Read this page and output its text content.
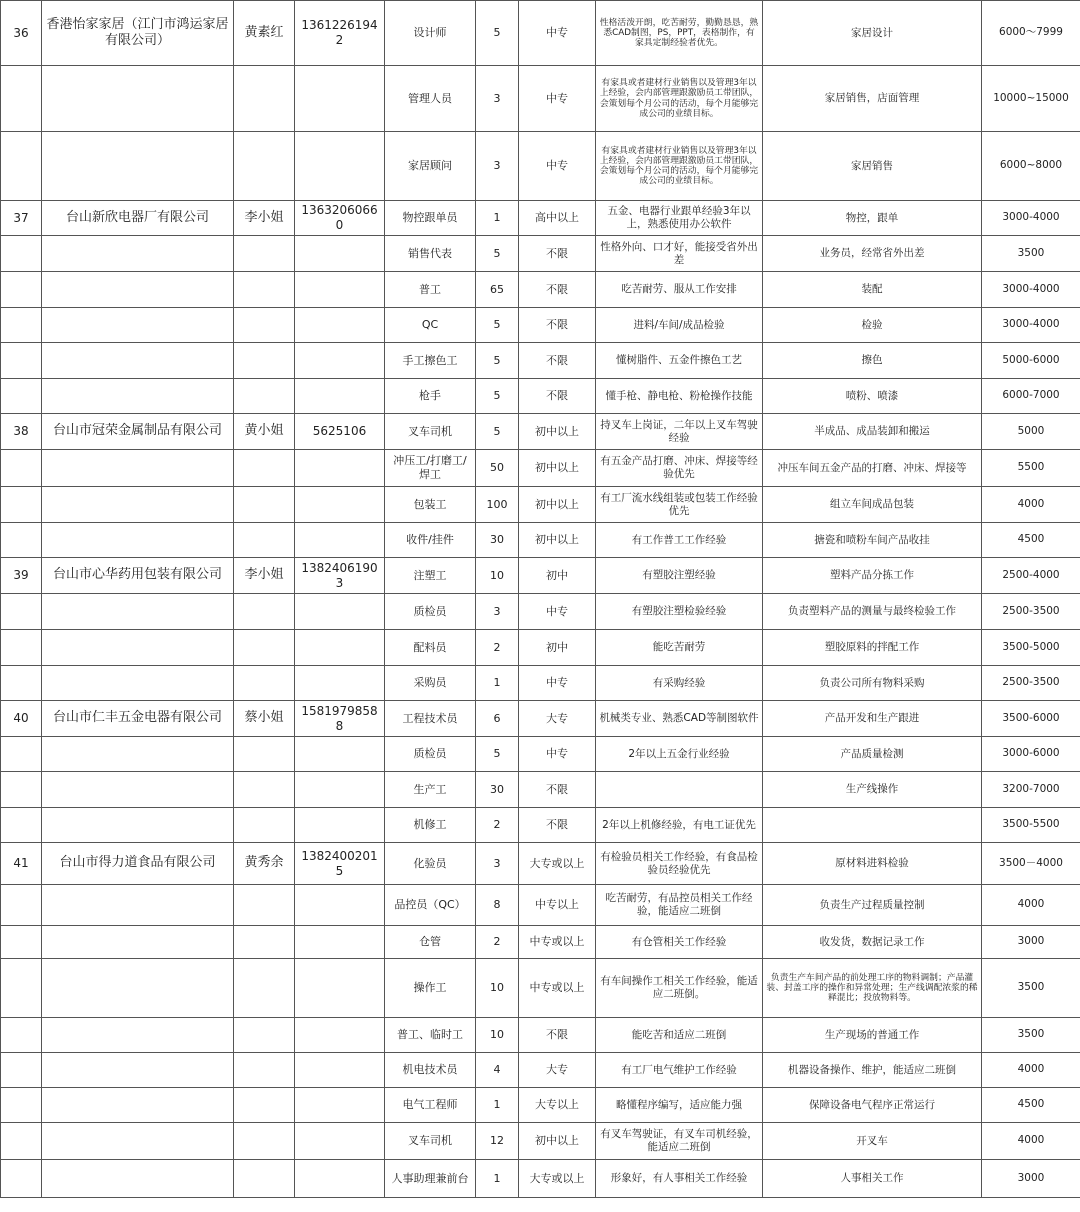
36	香港怡家家居（江门市鸿运家居有限公司）	黄素红	13612261942	设计师	5	中专	性格活泼开朗，吃苦耐劳，勤勤恳恳，熟悉CAD制图，PS，PPT，表格制作，有家具定制经验者优先。	家居设计	6000～7999
				管理人员	3	中专	有家具或者建材行业销售以及管理3年以上经验，会内部管理跟激励员工带团队，会策划每个月公司的活动，每个月能够完成公司的业绩目标。	家居销售，店面管理	10000~15000
				家居顾问	3	中专	有家具或者建材行业销售以及管理3年以上经验，会内部管理跟激励员工带团队，会策划每个月公司的活动，每个月能够完成公司的业绩目标。	家居销售	6000~8000
37	台山新欣电器厂有限公司	李小姐	13632060660	物控跟单员	1	高中以上	五金、电器行业跟单经验3年以上，熟悉使用办公软件	物控，跟单	3000-4000
				销售代表	5	不限	性格外向、口才好，能接受省外出差	业务员，经常省外出差	3500
				普工	65	不限	吃苦耐劳、服从工作安排	装配	3000-4000
				QC	5	不限	进料/车间/成品检验	检验	3000-4000
				手工擦色工	5	不限	懂树脂件、五金件擦色工艺	擦色	5000-6000
				枪手	5	不限	懂手枪、静电枪、粉枪操作技能	喷粉、喷漆	6000-7000
38	台山市冠荣金属制品有限公司	黄小姐	5625106	叉车司机	5	初中以上	持叉车上岗证，二年以上叉车驾驶经验	半成品、成品装卸和搬运	5000
				冲压工/打磨工/焊工	50	初中以上	有五金产品打磨、冲床、焊接等经验优先	冲压车间五金产品的打磨、冲床、焊接等	5500
				包装工	100	初中以上	有工厂流水线组装或包装工作经验优先	组立车间成品包装	4000
				收件/挂件	30	初中以上	有工作普工工作经验	搪瓷和喷粉车间产品收挂	4500
39	台山市心华药用包装有限公司	李小姐	13824061903	注塑工	10	初中	有塑胶注塑经验	塑料产品分拣工作	2500-4000
				质检员	3	中专	有塑胶注塑检验经验	负责塑料产品的测量与最终检验工作	2500-3500
				配料员	2	初中	能吃苦耐劳	塑胶原料的拌配工作	3500-5000
				采购员	1	中专	有采购经验	负责公司所有物料采购	2500-3500
40	台山市仁丰五金电器有限公司	蔡小姐	15819798588	工程技术员	6	大专	机械类专业、熟悉CAD等制图软件	产品开发和生产跟进	3500-6000
				质检员	5	中专	2年以上五金行业经验	产品质量检测	3000-6000
				生产工	30	不限		生产线操作	3200-7000
				机修工	2	不限	2年以上机修经验，有电工证优先		3500-5500
41	台山市得力道食品有限公司	黄秀余	13824002015	化验员	3	大专或以上	有检验员相关工作经验，有食品检验员经验优先	原材料进料检验	3500－4000
				品控员（QC）	8	中专以上	吃苦耐劳，有品控员相关工作经验，能适应二班倒	负责生产过程质量控制	4000
				仓管	2	中专或以上	有仓管相关工作经验	收发货，数据记录工作	3000
				操作工	10	中专或以上	有车间操作工相关工作经验，能适应二班倒。	负责生产车间产品的前处理工序的物料调制；产品灌装、封盖工序的操作和异常处理；生产线调配浓浆的稀释混比；投放物料等。	3500
				普工、临时工	10	不限	能吃苦和适应二班倒	生产现场的普通工作	3500
				机电技术员	4	大专	有工厂电气维护工作经验	机器设备操作、维护，能适应二班倒	4000
				电气工程师	1	大专以上	略懂程序编写，适应能力强	保障设备电气程序正常运行	4500
				叉车司机	12	初中以上	有叉车驾驶证，有叉车司机经验，能适应二班倒	开叉车	4000
				人事助理兼前台	1	大专或以上	形象好，有人事相关工作经验	人事相关工作	3000
